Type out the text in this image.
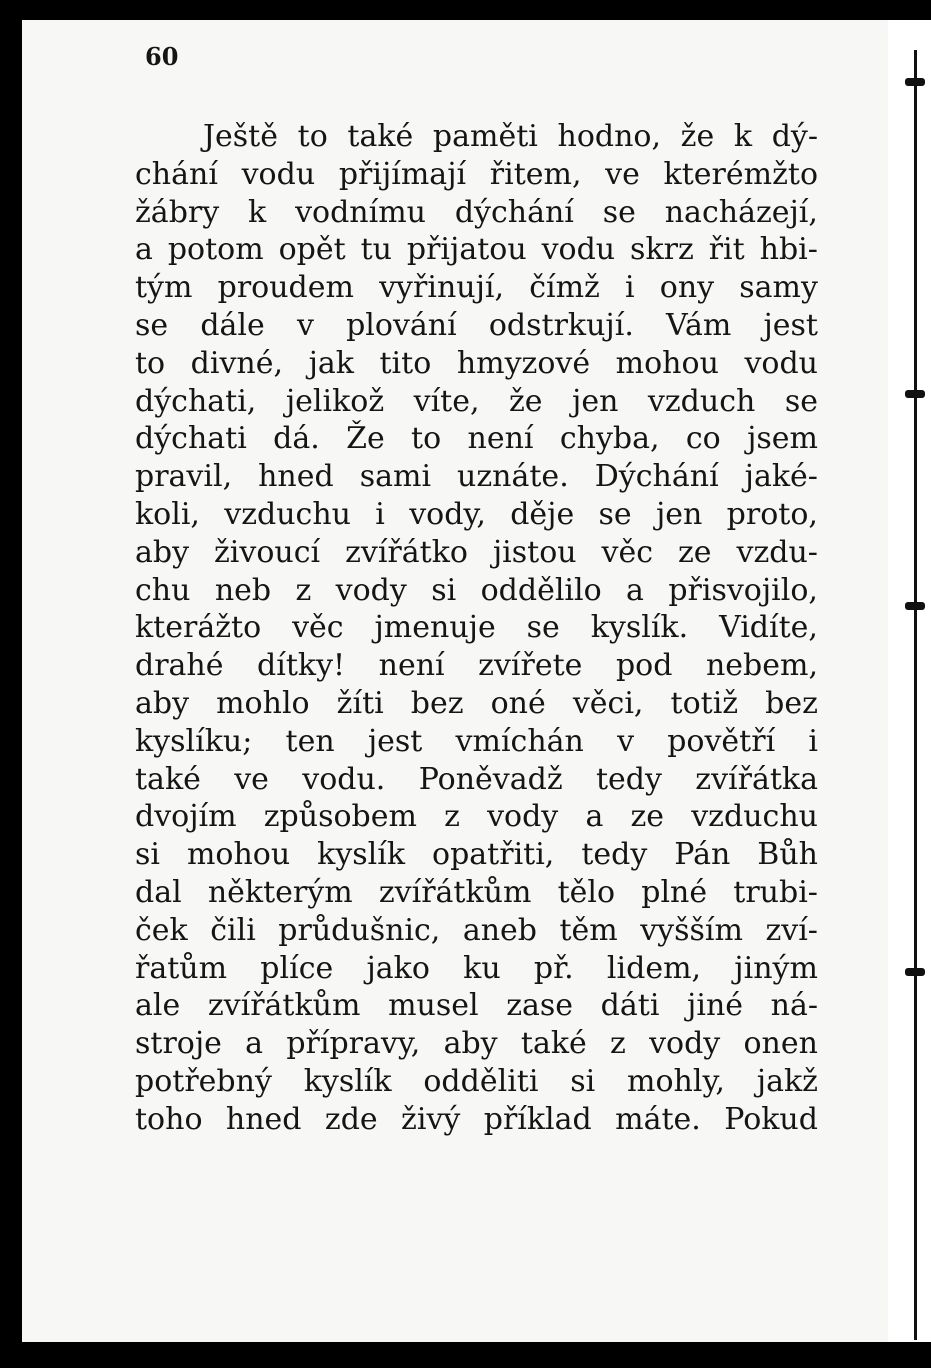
60
Ještě to také paměti hodno, že k dý-
chání vodu přijímají řitem, ve kterémžto
žábry k vodnímu dýchání se nacházejí,
a potom opět tu přijatou vodu skrz řit hbi-
tým proudem vyřinují, čímž i ony samy
se dále v plování odstrkují. Vám jest
to divné, jak tito hmyzové mohou vodu
dýchati, jelikož víte, že jen vzduch se
dýchati dá. Že to není chyba, co jsem
pravil, hned sami uznáte. Dýchání jaké-
koli, vzduchu i vody, děje se jen proto,
aby živoucí zvířátko jistou věc ze vzdu-
chu neb z vody si oddělilo a přisvojilo,
kterážto věc jmenuje se kyslík. Vidíte,
drahé dítky! není zvířete pod nebem,
aby mohlo žíti bez oné věci, totiž bez
kyslíku; ten jest vmíchán v povětří i
také ve vodu. Poněvadž tedy zvířátka
dvojím způsobem z vody a ze vzduchu
si mohou kyslík opatřiti, tedy Pán Bůh
dal některým zvířátkům tělo plné trubi-
ček čili průdušnic, aneb těm vyšším zví-
řatům plíce jako ku př. lidem, jiným
ale zvířátkům musel zase dáti jiné ná-
stroje a přípravy, aby také z vody onen
potřebný kyslík odděliti si mohly, jakž
toho hned zde živý příklad máte. Pokud
